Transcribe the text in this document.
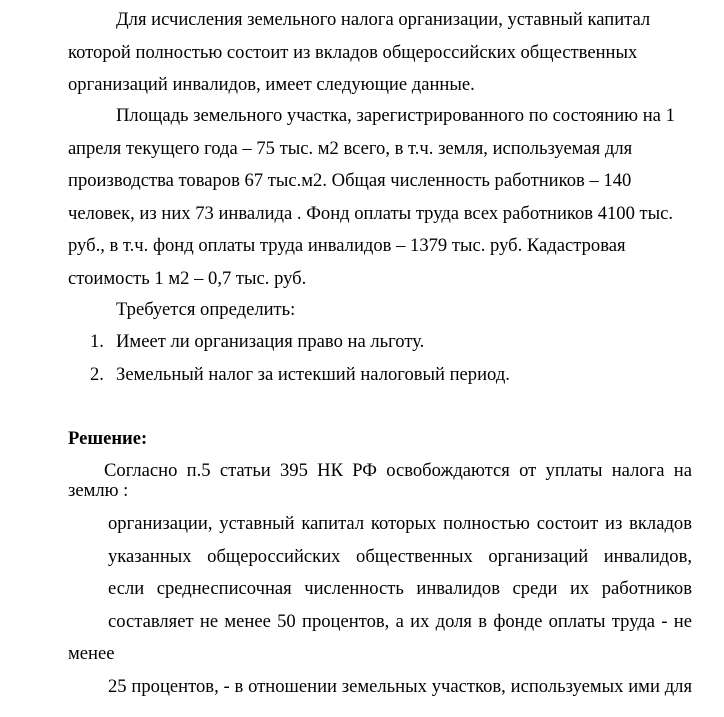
Для исчисления земельного налога организации, уставный капитал которой полностью состоит из вкладов общероссийских общественных организаций инвалидов, имеет следующие данные.

Площадь земельного участка, зарегистрированного по состоянию на 1 апреля текущего года – 75 тыс. м2 всего, в т.ч. земля, используемая для производства товаров 67 тыс.м2. Общая численность работников – 140 человек, из них 73 инвалида . Фонд оплаты труда всех работников 4100 тыс. руб., в т.ч. фонд оплаты труда инвалидов – 1379 тыс. руб. Кадастровая стоимость 1 м2 – 0,7 тыс. руб.

Требуется определить:

1. Имеет ли организация право на льготу.
2. Земельный налог за истекший налоговый период.
Решение:

Согласно п.5 статьи 395 НК РФ освобождаются от уплаты налога на землю :

организации, уставный капитал которых полностью состоит из вкладов
указанных общероссийских общественных организаций инвалидов,
если среднесписочная численность инвалидов среди их работников
составляет не менее 50 процентов, а их доля в фонде оплаты труда - не менее
25 процентов, - в отношении земельных участков, используемых ими для
